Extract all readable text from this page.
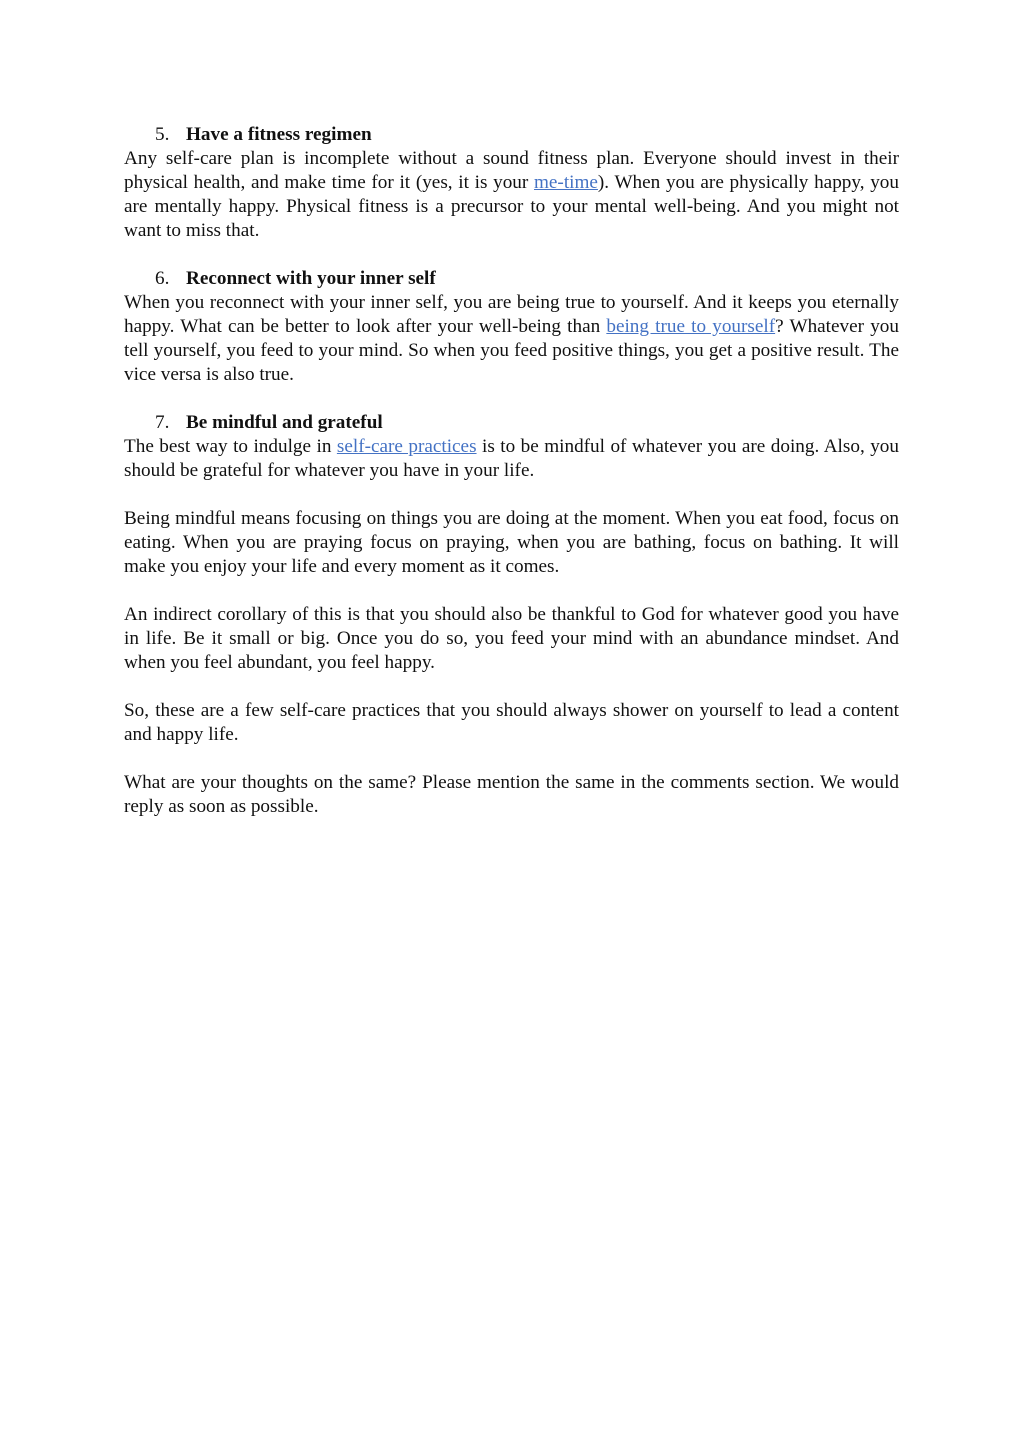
5. Have a fitness regimen

Any self-care plan is incomplete without a sound fitness plan. Everyone should invest in their physical health, and make time for it (yes, it is your me-time). When you are physically happy, you are mentally happy. Physical fitness is a precursor to your mental well-being. And you might not want to miss that.

6. Reconnect with your inner self

When you reconnect with your inner self, you are being true to yourself. And it keeps you eternally happy. What can be better to look after your well-being than being true to yourself? Whatever you tell yourself, you feed to your mind. So when you feed positive things, you get a positive result. The vice versa is also true.

7. Be mindful and grateful

The best way to indulge in self-care practices is to be mindful of whatever you are doing. Also, you should be grateful for whatever you have in your life.

Being mindful means focusing on things you are doing at the moment. When you eat food, focus on eating. When you are praying focus on praying, when you are bathing, focus on bathing. It will make you enjoy your life and every moment as it comes.

An indirect corollary of this is that you should also be thankful to God for whatever good you have in life. Be it small or big. Once you do so, you feed your mind with an abundance mindset. And when you feel abundant, you feel happy.

So, these are a few self-care practices that you should always shower on yourself to lead a content and happy life.

What are your thoughts on the same? Please mention the same in the comments section. We would reply as soon as possible.
